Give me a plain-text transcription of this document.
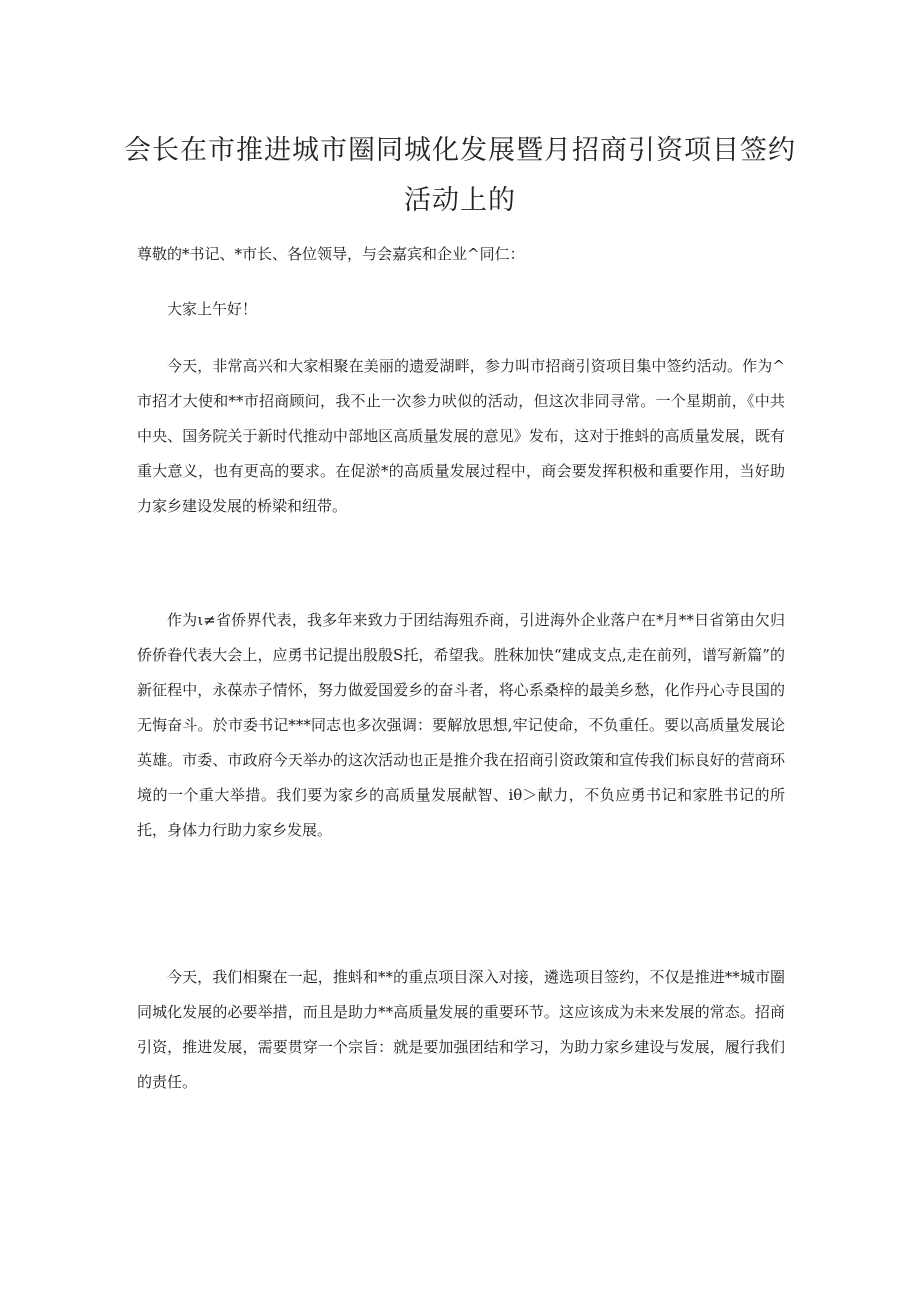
会长在市推进城市圈同城化发展暨月招商引资项目签约
活动上的

尊敬的*书记、*市长、各位领导，与会嘉宾和企业^同仁：

大家上午好！

今天，非常高兴和大家相聚在美丽的遗爱湖畔，参力叫市招商引资项目集中签约活动。作为^市招才大使和**市招商顾问，我不止一次参力吠似的活动，但这次非同寻常。一个星期前，《中共中央、国务院关于新时代推动中部地区高质量发展的意见》发布，这对于推蚪的高质量发展，既有重大意义，也有更高的要求。在促淤*的高质量发展过程中，商会要发挥积极和重要作用，当好助力家乡建设发展的桥梁和纽带。

作为ι≠省侨界代表，我多年来致力于团结海殂乔商，引进海外企业落户在*月**日省第由欠归侨侨眷代表大会上，应勇书记提出殷殷S托，希望我。胜秣加快“建成支点,走在前列，谱写新篇”的新征程中，永葆赤子情怀，努力做爱国爱乡的奋斗者，将心系桑梓的最美乡愁，化作丹心寺艮国的无悔奋斗。於市委书记***同志也多次强调：要解放思想,牢记使命，不负重任。要以高质量发展论英雄。市委、市政府今天举办的这次活动也正是推介我在招商引资政策和宣传我们标良好的营商环境的一个重大举措。我们要为家乡的高质量发展献智、iθ＞献力，不负应勇书记和家胜书记的所托，身体力行助力家乡发展。

今天，我们相聚在一起，推蚪和**的重点项目深入对接，遴选项目签约，不仅是推进**城市圈同城化发展的必要举措，而且是助力**高质量发展的重要环节。这应该成为未来发展的常态。招商引资，推进发展，需要贯穿一个宗旨：就是要加强团结和学习，为助力家乡建设与发展，履行我们的责任。
